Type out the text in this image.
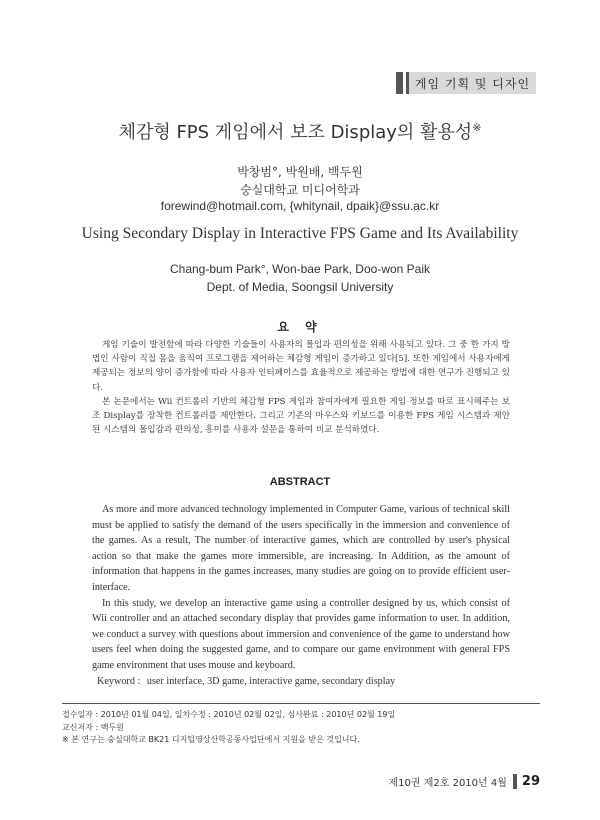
게임 기획 및 디자인
체감형 FPS 게임에서 보조 Display의 활용성※
박창범°, 박원배, 백두원
숭실대학교 미디어학과
forewind@hotmail.com, {whitynail, dpaik}@ssu.ac.kr
Using Secondary Display in Interactive FPS Game and Its Availability
Chang-bum Park°, Won-bae Park, Doo-won Paik
Dept. of Media, Soongsil University
요 약

게임 기술이 발전함에 따라 다양한 기술들이 사용자의 몰입과 편의성을 위해 사용되고 있다. 그 중 한 가지 방법인 사람이 직접 몸을 움직여 프로그램을 제어하는 체감형 게임이 증가하고 있다[5]. 또한 게임에서 사용자에게 제공되는 정보의 양이 증가함에 따라 사용자 인터페이스를 효율적으로 제공하는 방법에 대한 연구가 진행되고 있다.

본 논문에서는 Wii 컨트롤러 기반의 체감형 FPS 게임과 참여자에게 필요한 게임 정보를 따로 표시해주는 보조 Display를 장착한 컨트롤러를 제안한다. 그리고 기존의 마우스와 키보드를 이용한 FPS 게임 시스템과 제안된 시스템의 몰입감과 편의성, 흥미를 사용자 설문을 통하여 비교 분석하였다.

ABSTRACT

As more and more advanced technology implemented in Computer Game, various of technical skill must be applied to satisfy the demand of the users specifically in the immersion and convenience of the games. As a result, The number of interactive games, which are controlled by user's physical action so that make the games more immersible, are increasing. In Addition, as the amount of information that happens in the games increases, many studies are going on to provide efficient user-interface.

In this study, we develop an interactive game using a controller designed by us, which consist of Wii controller and an attached secondary display that provides game information to user. In addition, we conduct a survey with questions about immersion and convenience of the game to understand how users feel when doing the suggested game, and to compare our game environment with general FPS game environment that uses mouse and keyboard.

Keyword : user interface, 3D game, interactive game, secondary display
접수일자 : 2010년 01월 04일, 일차수정 : 2010년 02월 02일, 심사완료 : 2010년 02월 19일
교신저자 : 백두원
※ 본 연구는 숭실대학교 BK21 디지털영상산학공동사업단에서 지원을 받은 것입니다.
제10권 제2호 2010년 4월 29
